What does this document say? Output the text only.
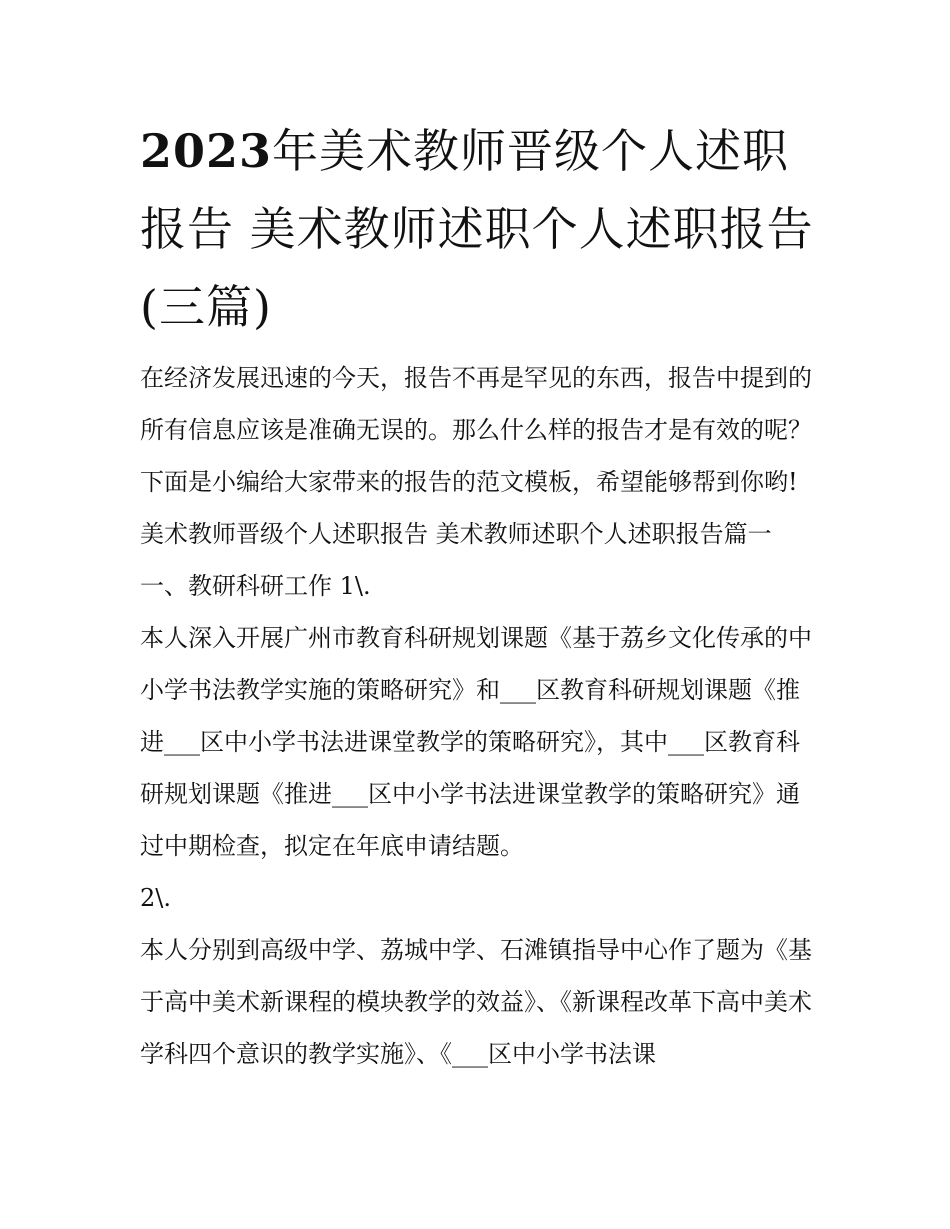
2023年美术教师晋级个人述职报告 美术教师述职个人述职报告(三篇)

在经济发展迅速的今天，报告不再是罕见的东西，报告中提到的所有信息应该是准确无误的。那么什么样的报告才是有效的呢？下面是小编给大家带来的报告的范文模板，希望能够帮到你哟!

美术教师晋级个人述职报告 美术教师述职个人述职报告篇一

一、教研科研工作 1\.

本人深入开展广州市教育科研规划课题《基于荔乡文化传承的中小学书法教学实施的策略研究》和___区教育科研规划课题《推进___区中小学书法进课堂教学的策略研究》，其中___区教育科研规划课题《推进___区中小学书法进课堂教学的策略研究》通过中期检查，拟定在年底申请结题。

2\.

本人分别到高级中学、荔城中学、石滩镇指导中心作了题为《基于高中美术新课程的模块教学的效益》、《新课程改革下高中美术学科四个意识的教学实施》、《___区中小学书法课
